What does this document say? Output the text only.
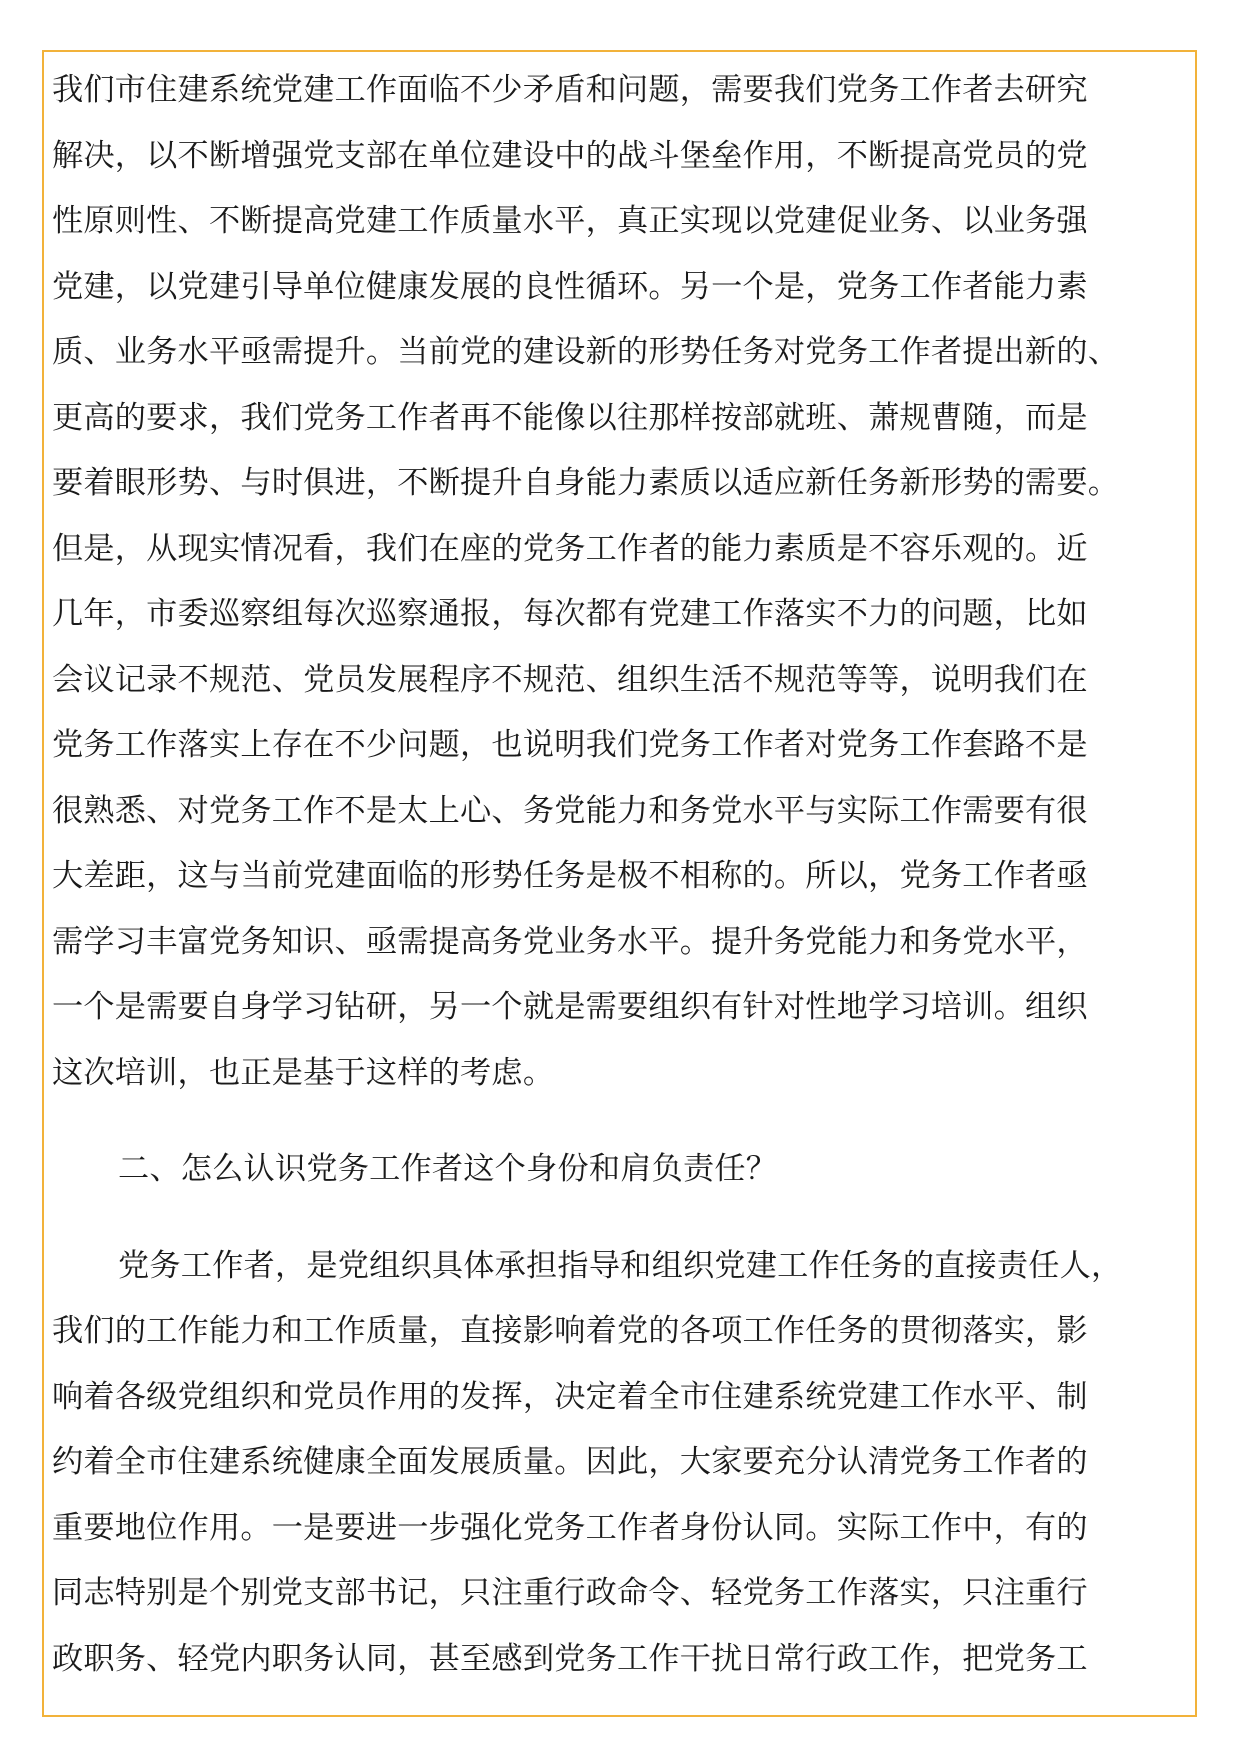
我们市住建系统党建工作面临不少矛盾和问题，需要我们党务工作者去研究
解决，以不断增强党支部在单位建设中的战斗堡垒作用，不断提高党员的党
性原则性、不断提高党建工作质量水平，真正实现以党建促业务、以业务强
党建，以党建引导单位健康发展的良性循环。另一个是，党务工作者能力素
质、业务水平亟需提升。当前党的建设新的形势任务对党务工作者提出新的、
更高的要求，我们党务工作者再不能像以往那样按部就班、萧规曹随，而是
要着眼形势、与时俱进，不断提升自身能力素质以适应新任务新形势的需要。
但是，从现实情况看，我们在座的党务工作者的能力素质是不容乐观的。近
几年，市委巡察组每次巡察通报，每次都有党建工作落实不力的问题，比如
会议记录不规范、党员发展程序不规范、组织生活不规范等等，说明我们在
党务工作落实上存在不少问题，也说明我们党务工作者对党务工作套路不是
很熟悉、对党务工作不是太上心、务党能力和务党水平与实际工作需要有很
大差距，这与当前党建面临的形势任务是极不相称的。所以，党务工作者亟
需学习丰富党务知识、亟需提高务党业务水平。提升务党能力和务党水平，
一个是需要自身学习钻研，另一个就是需要组织有针对性地学习培训。组织
这次培训，也正是基于这样的考虑。
二、怎么认识党务工作者这个身份和肩负责任？
党务工作者，是党组织具体承担指导和组织党建工作任务的直接责任人，
我们的工作能力和工作质量，直接影响着党的各项工作任务的贯彻落实，影
响着各级党组织和党员作用的发挥，决定着全市住建系统党建工作水平、制
约着全市住建系统健康全面发展质量。因此，大家要充分认清党务工作者的
重要地位作用。一是要进一步强化党务工作者身份认同。实际工作中，有的
同志特别是个别党支部书记，只注重行政命令、轻党务工作落实，只注重行
政职务、轻党内职务认同，甚至感到党务工作干扰日常行政工作，把党务工
